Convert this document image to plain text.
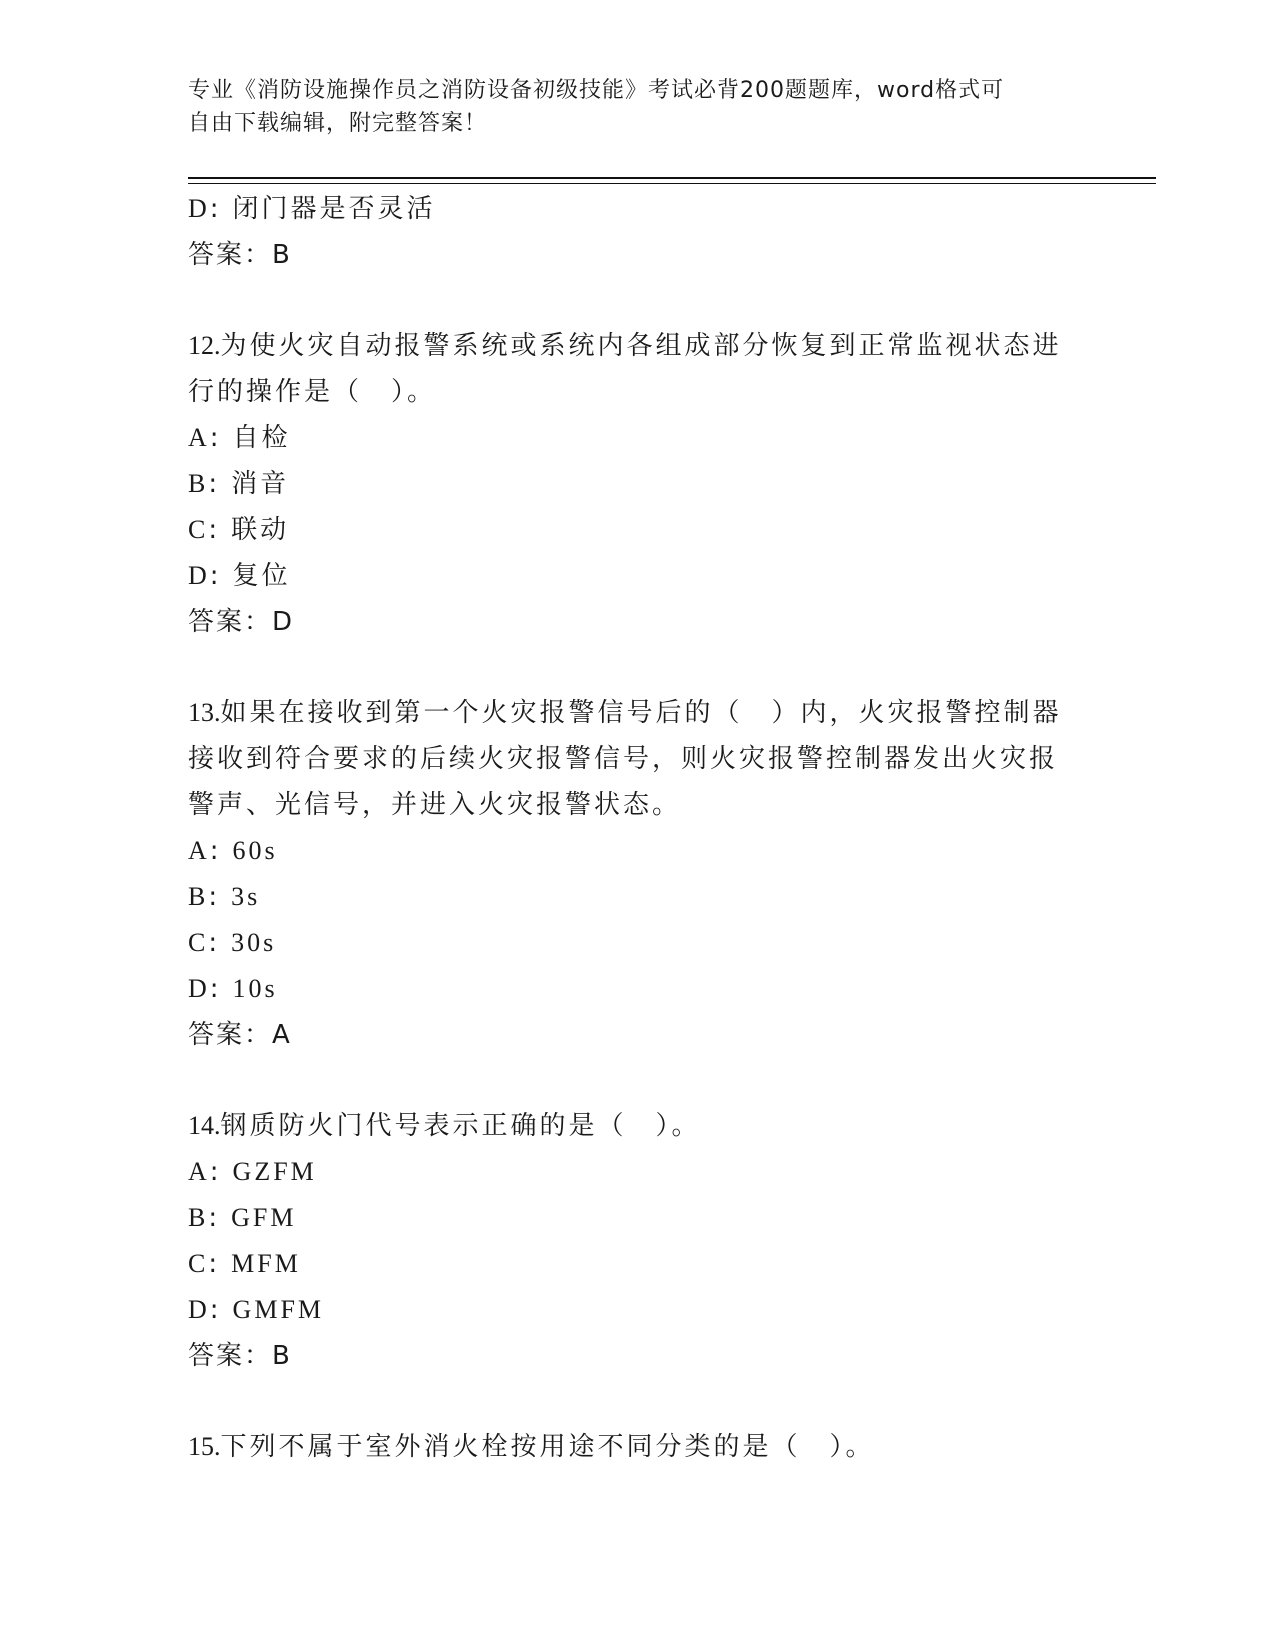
专业《消防设施操作员之消防设备初级技能》考试必背200题题库，word格式可
自由下载编辑，附完整答案！
D: 闭门器是否灵活
答案：B
12.为使火灾自动报警系统或系统内各组成部分恢复到正常监视状态进
行的操作是（　）。
A: 自检
B: 消音
C: 联动
D: 复位
答案：D
13.如果在接收到第一个火灾报警信号后的（　）内，火灾报警控制器
接收到符合要求的后续火灾报警信号，则火灾报警控制器发出火灾报
警声、光信号，并进入火灾报警状态。
A: 60s
B: 3s
C: 30s
D: 10s
答案：A
14.钢质防火门代号表示正确的是（　）。
A: GZFM
B: GFM
C: MFM
D: GMFM
答案：B
15.下列不属于室外消火栓按用途不同分类的是（　）。
